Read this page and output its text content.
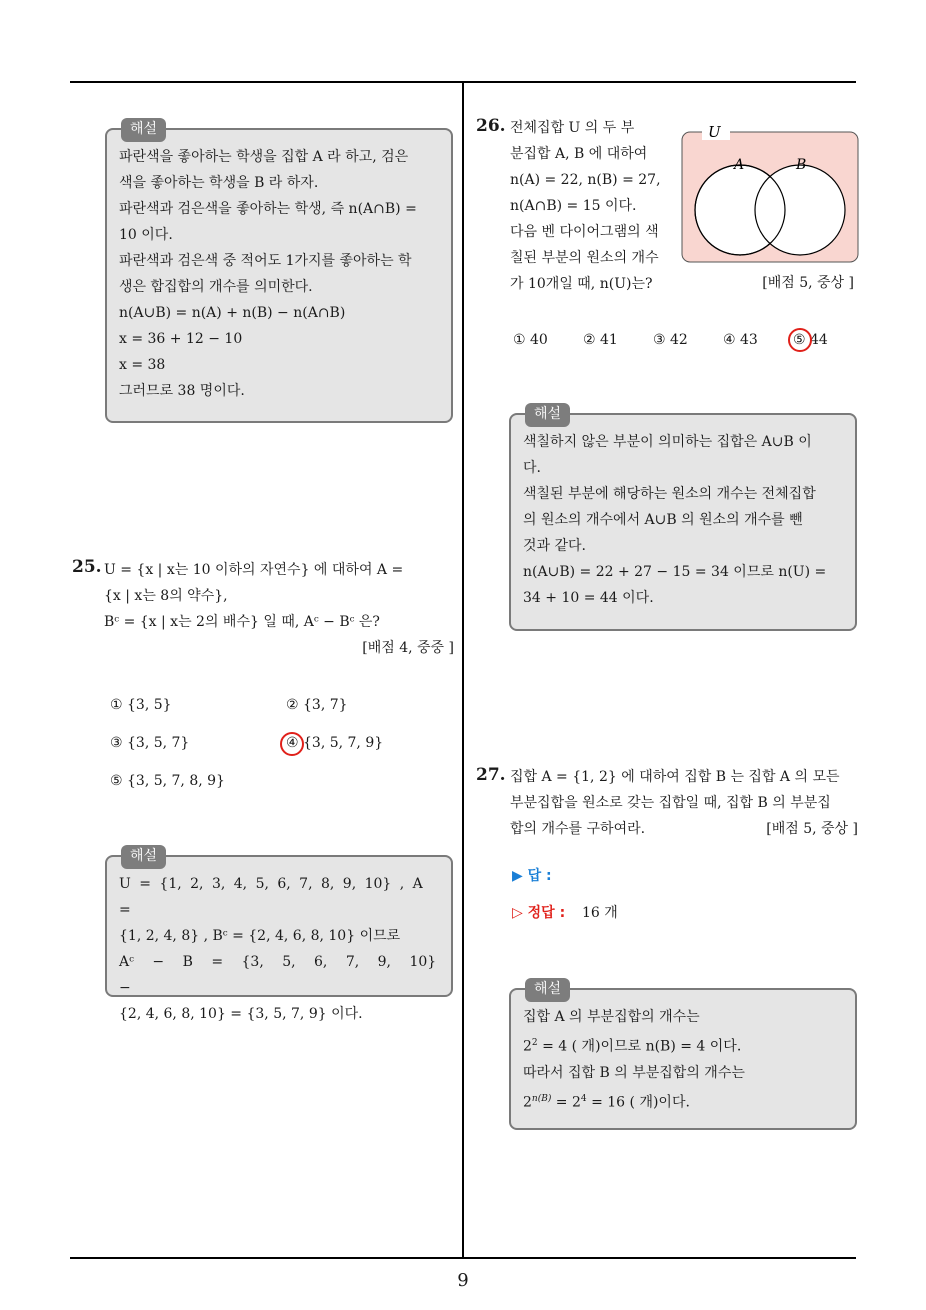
해설

파란색을 좋아하는 학생을 집합 A 라 하고, 검은

색을 좋아하는 학생을 B 라 하자.

파란색과 검은색을 좋아하는 학생, 즉 n(A∩B) =

10 이다.

파란색과 검은색 중 적어도 1가지를 좋아하는 학

생은 합집합의 개수를 의미한다.

n(A∪B) = n(A) + n(B) − n(A∩B)

x = 36 + 12 − 10

x = 38

그러므로 38 명이다.

25. U = {x | x는 10 이하의 자연수} 에 대하여 A =

{x | x는 8의 약수},

Bᶜ = {x | x는 2의 배수} 일 때, Aᶜ − Bᶜ 은?

[배점 4, 중중 ]

① {3, 5}	② {3, 7}
③ {3, 5, 7}	④ {3, 5, 7, 9}
⑤ {3, 5, 7, 8, 9}
해설

U = {1, 2, 3, 4, 5, 6, 7, 8, 9, 10} , A =

{1, 2, 4, 8} , Bᶜ = {2, 4, 6, 8, 10} 이므로

Aᶜ − B = {3, 5, 6, 7, 9, 10} −

{2, 4, 6, 8, 10} = {3, 5, 7, 9} 이다.

26. 전체집합 U 의 두 부

분집합 A, B 에 대하여

n(A) = 22, n(B) = 27,

n(A∩B) = 15 이다.

다음 벤 다이어그램의 색

칠된 부분의 원소의 개수

가 10개일 때, n(U)는?

U
A	B
[배점 5, 중상 ]
① 40	② 41	③ 42	④ 43	⑤ 44
해설

색칠하지 않은 부분이 의미하는 집합은 A∪B 이

다.

색칠된 부분에 해당하는 원소의 개수는 전체집합

의 원소의 개수에서 A∪B 의 원소의 개수를 뺀

것과 같다.

n(A∪B) = 22 + 27 − 15 = 34 이므로 n(U) =

34 + 10 = 44 이다.

27. 집합 A = {1, 2} 에 대하여 집합 B 는 집합 A 의 모든

부분집합을 원소로 갖는 집합일 때, 집합 B 의 부분집

합의 개수를 구하여라.	[배점 5, 중상 ]
▶ 답 :
▷ 정답 : 16 개
해설

집합 A 의 부분집합의 개수는

$2^2 = 4$ ( 개)이므로 n(B) = 4 이다.

따라서 집합 B 의 부분집합의 개수는

$2^{n(B)} = 2^4 = 16$ ( 개)이다.

9
